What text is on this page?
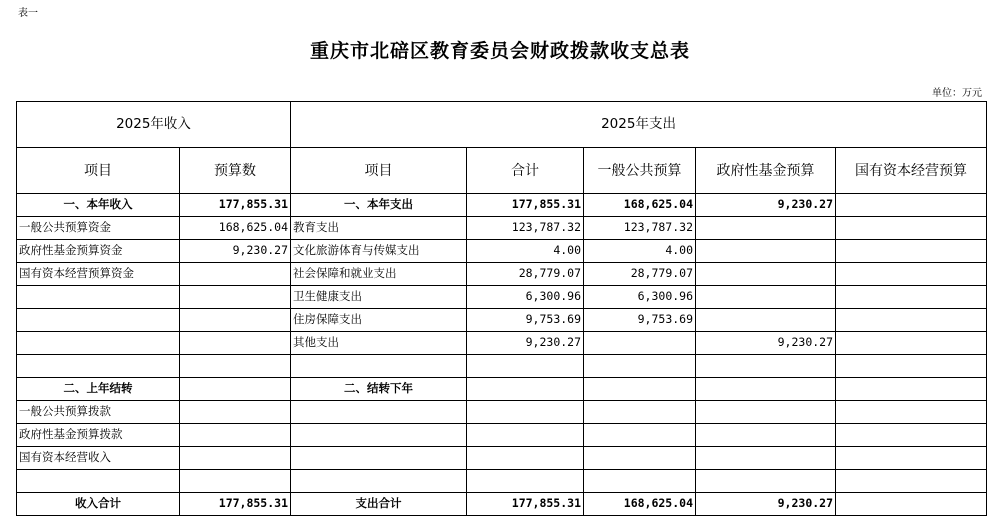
表一
重庆市北碚区教育委员会财政拨款收支总表
单位：万元
2025年收入		2025年支出				
项目	预算数	项目	合计	一般公共预算	政府性基金预算	国有资本经营预算
一、本年收入	177,855.31	一、本年支出	177,855.31	168,625.04	9,230.27	
一般公共预算资金	168,625.04	教育支出	123,787.32	123,787.32		
政府性基金预算资金	9,230.27	文化旅游体育与传媒支出	4.00	4.00		
国有资本经营预算资金		社会保障和就业支出	28,779.07	28,779.07		
		卫生健康支出	6,300.96	6,300.96		
		住房保障支出	9,753.69	9,753.69		
		其他支出	9,230.27		9,230.27	

二、上年结转		二、结转下年				
一般公共预算拨款						
政府性基金预算拨款						
国有资本经营收入						

收入合计	177,855.31	支出合计	177,855.31	168,625.04	9,230.27	
